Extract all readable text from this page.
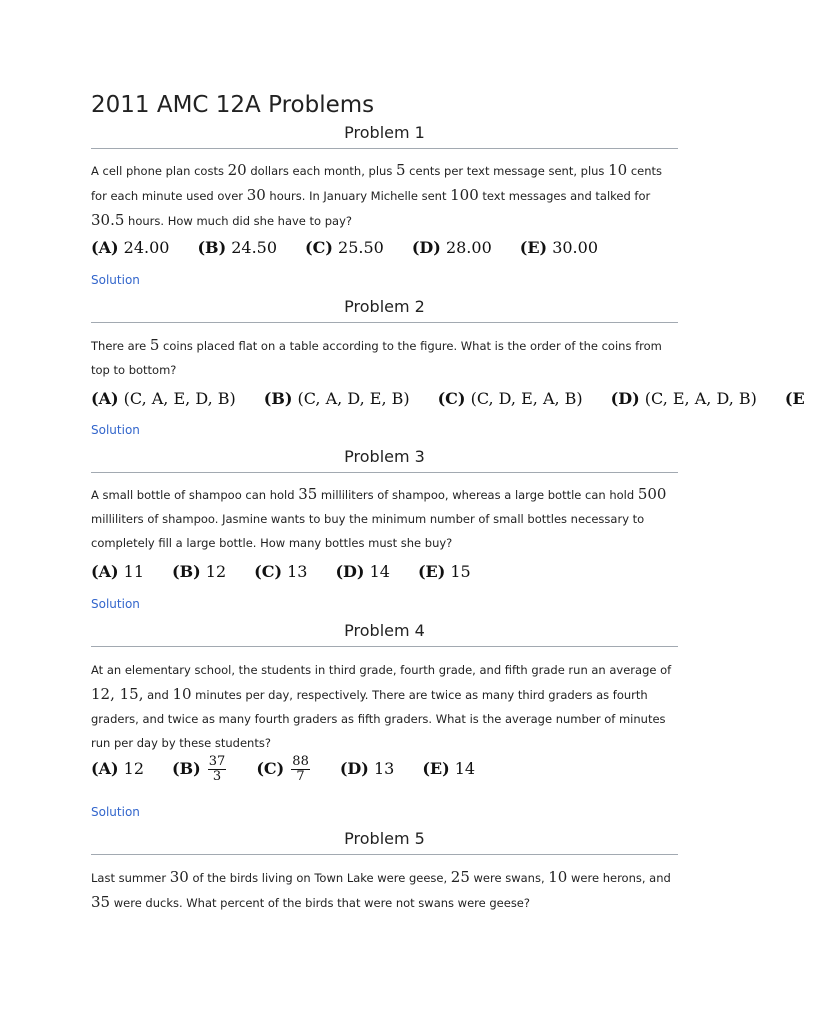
2011 AMC 12A Problems
Problem 1

A cell phone plan costs 20 dollars each month, plus 5 cents per text message sent, plus 10 cents for each minute used over 30 hours. In January Michelle sent 100 text messages and talked for 30.5 hours. How much did she have to pay?

(A) 24.00 (B) 24.50 (C) 25.50 (D) 28.00 (E) 30.00
Solution
Problem 2

There are 5 coins placed flat on a table according to the figure. What is the order of the coins from top to bottom?

(A) (C, A, E, D, B) (B) (C, A, D, E, B) (C) (C, D, E, A, B) (D) (C, E, A, D, B) (E
Solution
Problem 3

A small bottle of shampoo can hold 35 milliliters of shampoo, whereas a large bottle can hold 500 milliliters of shampoo. Jasmine wants to buy the minimum number of small bottles necessary to completely fill a large bottle. How many bottles must she buy?

(A) 11 (B) 12 (C) 13 (D) 14 (E) 15
Solution
Problem 4

At an elementary school, the students in third grade, fourth grade, and fifth grade run an average of 12, 15, and 10 minutes per day, respectively. There are twice as many third graders as fourth graders, and twice as many fourth graders as fifth graders. What is the average number of minutes run per day by these students?

(A) 12 $(B) \frac{37}{3} (C) \frac{88}{7} (D)$ 13 (E) 14
Solution
Problem 5

Last summer 30 of the birds living on Town Lake were geese, 25 were swans, 10 were herons, and 35 were ducks. What percent of the birds that were not swans were geese?
